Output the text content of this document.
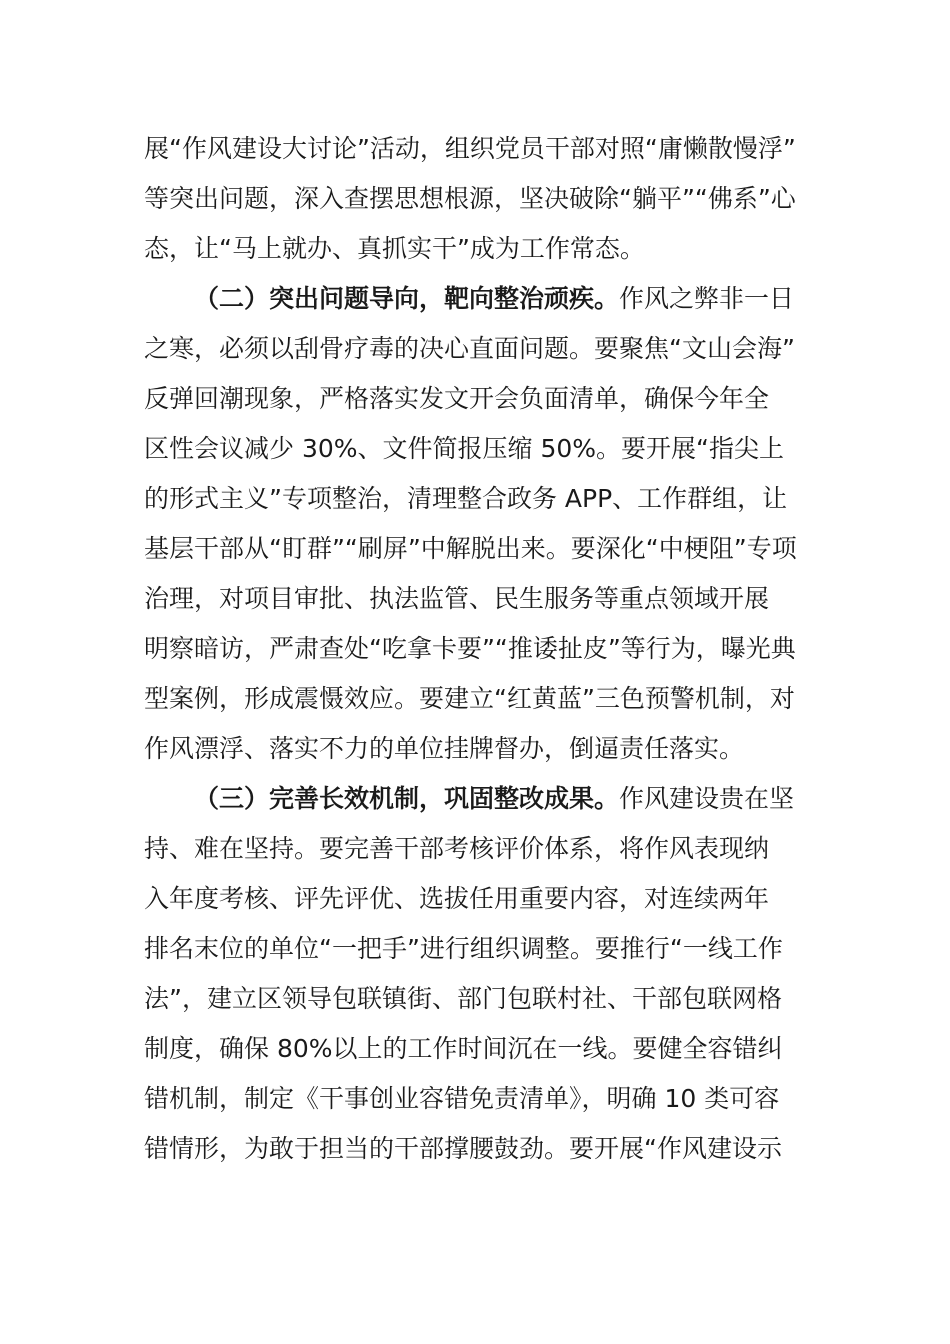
展“作风建设大讨论”活动，组织党员干部对照“庸懒散慢浮”
等突出问题，深入查摆思想根源，坚决破除“躺平”“佛系”心
态，让“马上就办、真抓实干”成为工作常态。
（二）突出问题导向，靶向整治顽疾。作风之弊非一日
之寒，必须以刮骨疗毒的决心直面问题。要聚焦“文山会海”
反弹回潮现象，严格落实发文开会负面清单，确保今年全
区性会议减少 30%、文件简报压缩 50%。要开展“指尖上
的形式主义”专项整治，清理整合政务 APP、工作群组，让
基层干部从“盯群”“刷屏”中解脱出来。要深化“中梗阻”专项
治理，对项目审批、执法监管、民生服务等重点领域开展
明察暗访，严肃查处“吃拿卡要”“推诿扯皮”等行为，曝光典
型案例，形成震慑效应。要建立“红黄蓝”三色预警机制，对
作风漂浮、落实不力的单位挂牌督办，倒逼责任落实。
（三）完善长效机制，巩固整改成果。作风建设贵在坚
持、难在坚持。要完善干部考核评价体系，将作风表现纳
入年度考核、评先评优、选拔任用重要内容，对连续两年
排名末位的单位“一把手”进行组织调整。要推行“一线工作
法”，建立区领导包联镇街、部门包联村社、干部包联网格
制度，确保 80%以上的工作时间沉在一线。要健全容错纠
错机制，制定《干事创业容错免责清单》，明确 10 类可容
错情形，为敢于担当的干部撑腰鼓劲。要开展“作风建设示
